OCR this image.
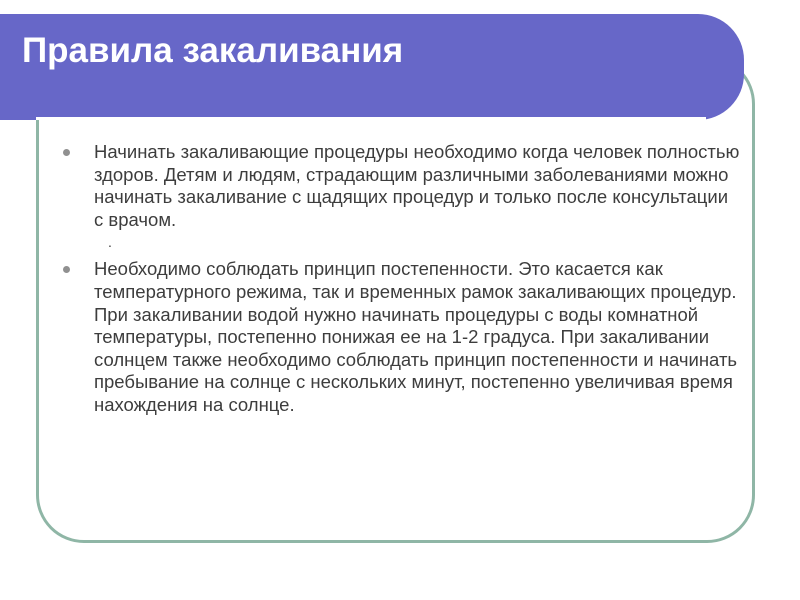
Правила закаливания
Начинать закаливающие процедуры необходимо когда человек полностью здоров. Детям и людям, страдающим различными заболеваниями можно начинать закаливание с щадящих процедур и только после консультации с врачом.
.
Необходимо соблюдать принцип постепенности. Это касается как температурного режима, так и временных рамок закаливающих процедур. При закаливании водой нужно начинать процедуры с воды комнатной температуры, постепенно понижая ее на 1-2 градуса. При закаливании солнцем также необходимо соблюдать принцип постепенности и начинать пребывание на солнце с нескольких минут, постепенно увеличивая время нахождения на солнце.
